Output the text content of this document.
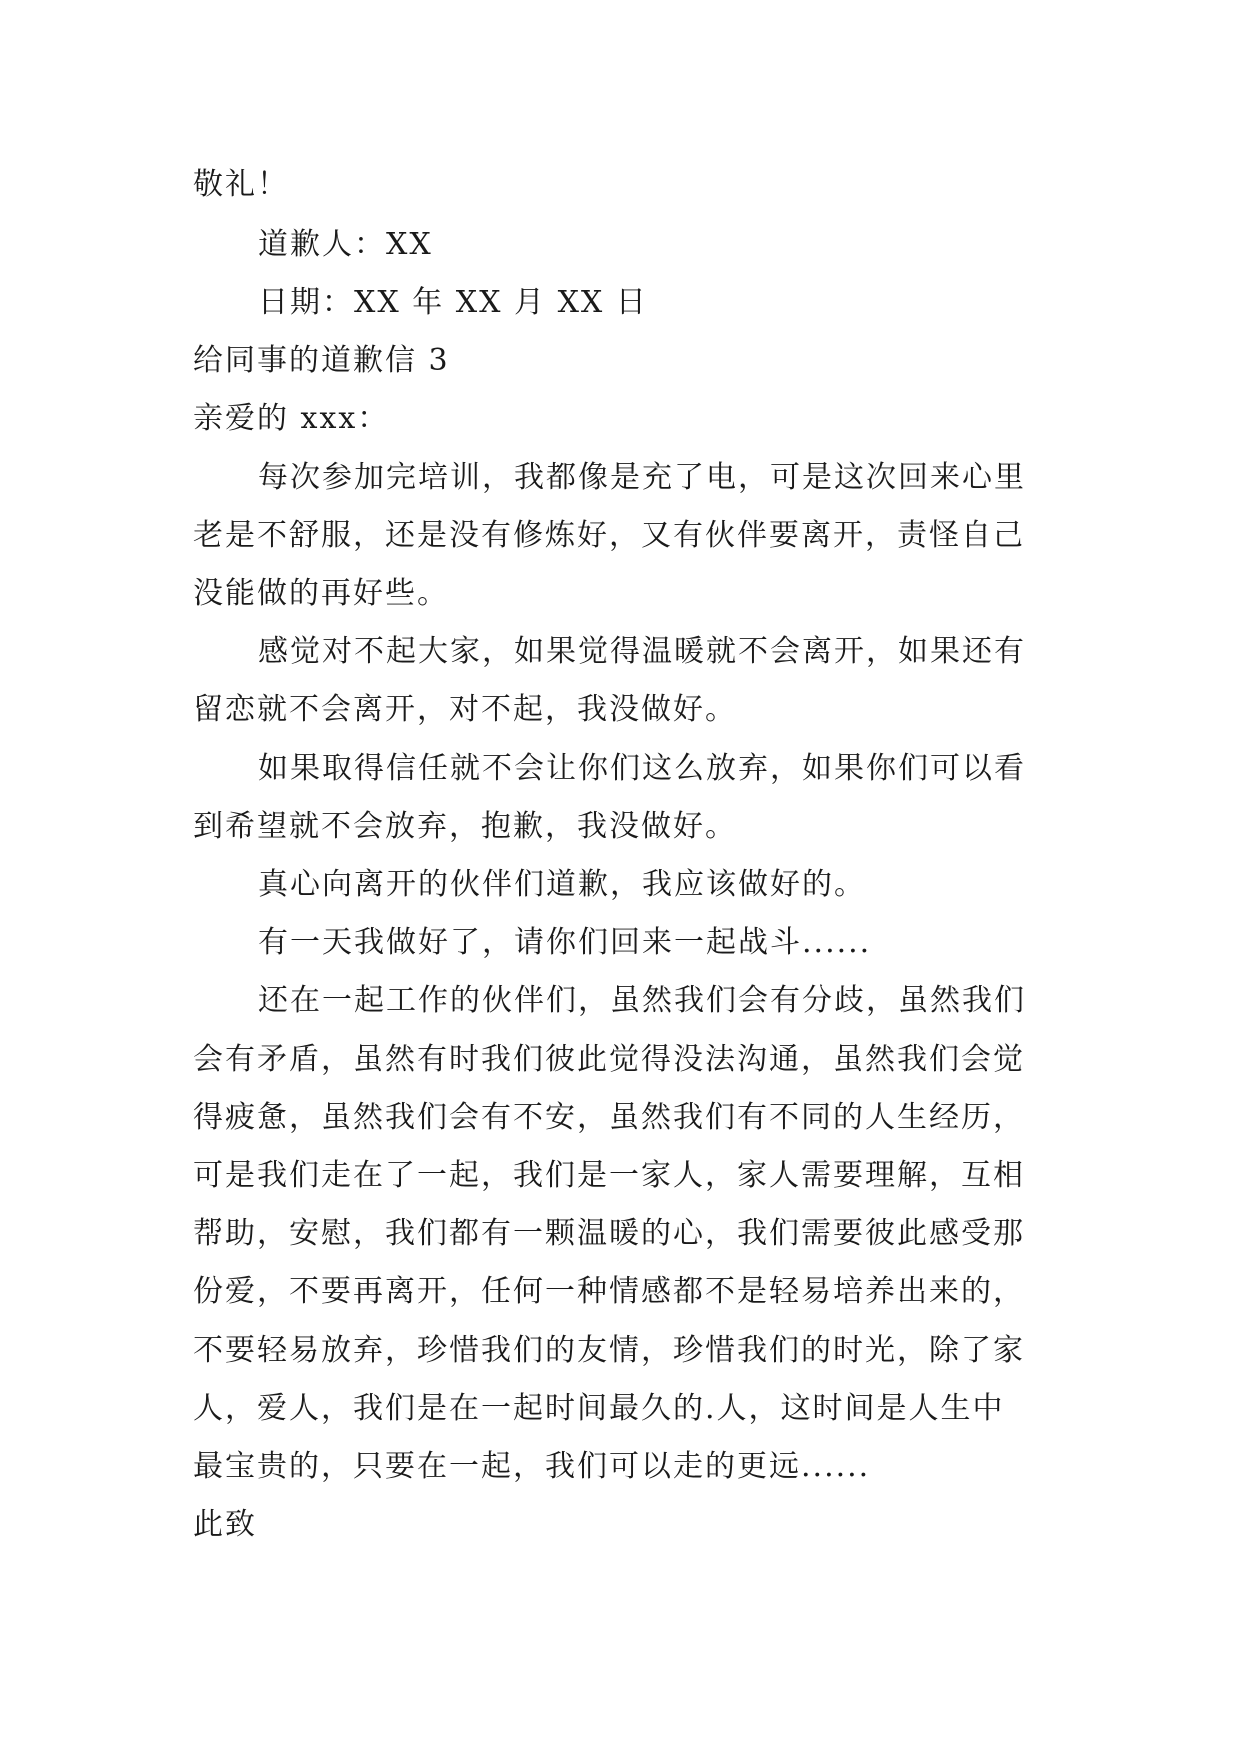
敬礼！
道歉人：XX
日期：XX 年 XX 月 XX 日
给同事的道歉信 3
亲爱的 xxx：
每次参加完培训，我都像是充了电，可是这次回来心里
老是不舒服，还是没有修炼好，又有伙伴要离开，责怪自己
没能做的再好些。
感觉对不起大家，如果觉得温暖就不会离开，如果还有
留恋就不会离开，对不起，我没做好。
如果取得信任就不会让你们这么放弃，如果你们可以看
到希望就不会放弃，抱歉，我没做好。
真心向离开的伙伴们道歉，我应该做好的。
有一天我做好了，请你们回来一起战斗......
还在一起工作的伙伴们，虽然我们会有分歧，虽然我们
会有矛盾，虽然有时我们彼此觉得没法沟通，虽然我们会觉
得疲惫，虽然我们会有不安，虽然我们有不同的人生经历，
可是我们走在了一起，我们是一家人，家人需要理解，互相
帮助，安慰，我们都有一颗温暖的心，我们需要彼此感受那
份爱，不要再离开，任何一种情感都不是轻易培养出来的，
不要轻易放弃，珍惜我们的友情，珍惜我们的时光，除了家
人，爱人，我们是在一起时间最久的.人，这时间是人生中
最宝贵的，只要在一起，我们可以走的更远......
此致
